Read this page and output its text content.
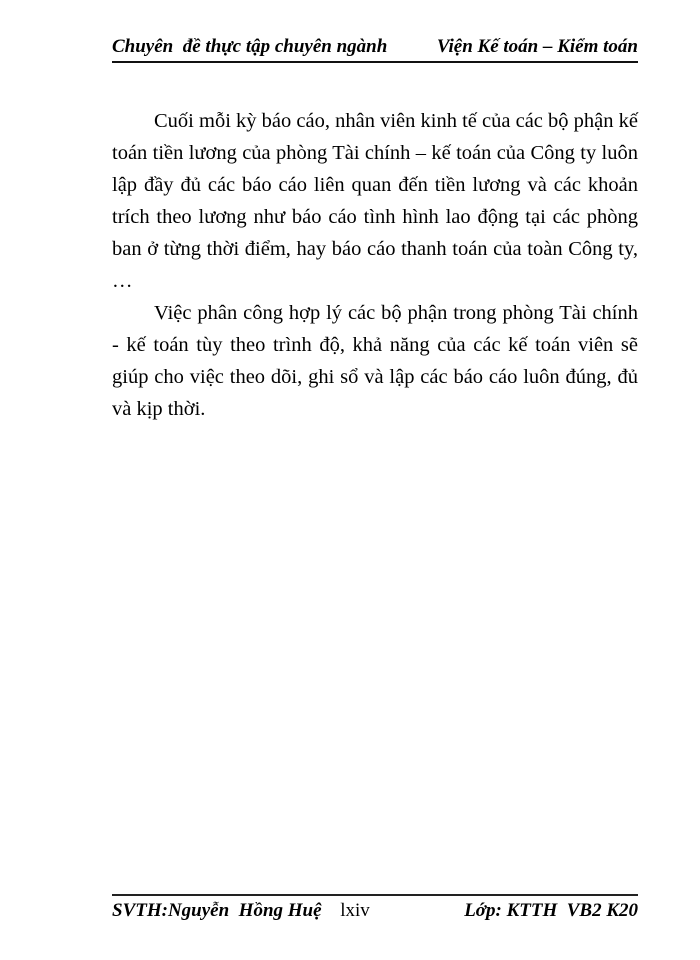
Chuyên  đề thực tập chuyên ngành	Viện Kế toán – Kiểm toán

Cuối mỗi kỳ báo cáo, nhân viên kinh tế của các bộ phận kế toán tiền lương của phòng Tài chính – kế toán của Công ty luôn lập đầy đủ các báo cáo liên quan đến tiền lương và các khoản trích theo lương như báo cáo tình hình lao động tại các phòng ban ở từng thời điểm, hay báo cáo thanh toán của toàn Công ty, …

Việc phân công hợp lý các bộ phận trong phòng Tài chính - kế toán tùy theo trình độ, khả năng của các kế toán viên sẽ giúp cho việc theo dõi, ghi sổ và lập các báo cáo luôn đúng, đủ và kịp thời.

SVTH:Nguyễn  Hồng Huệ lxiv	Lớp: KTTH  VB2 K20
